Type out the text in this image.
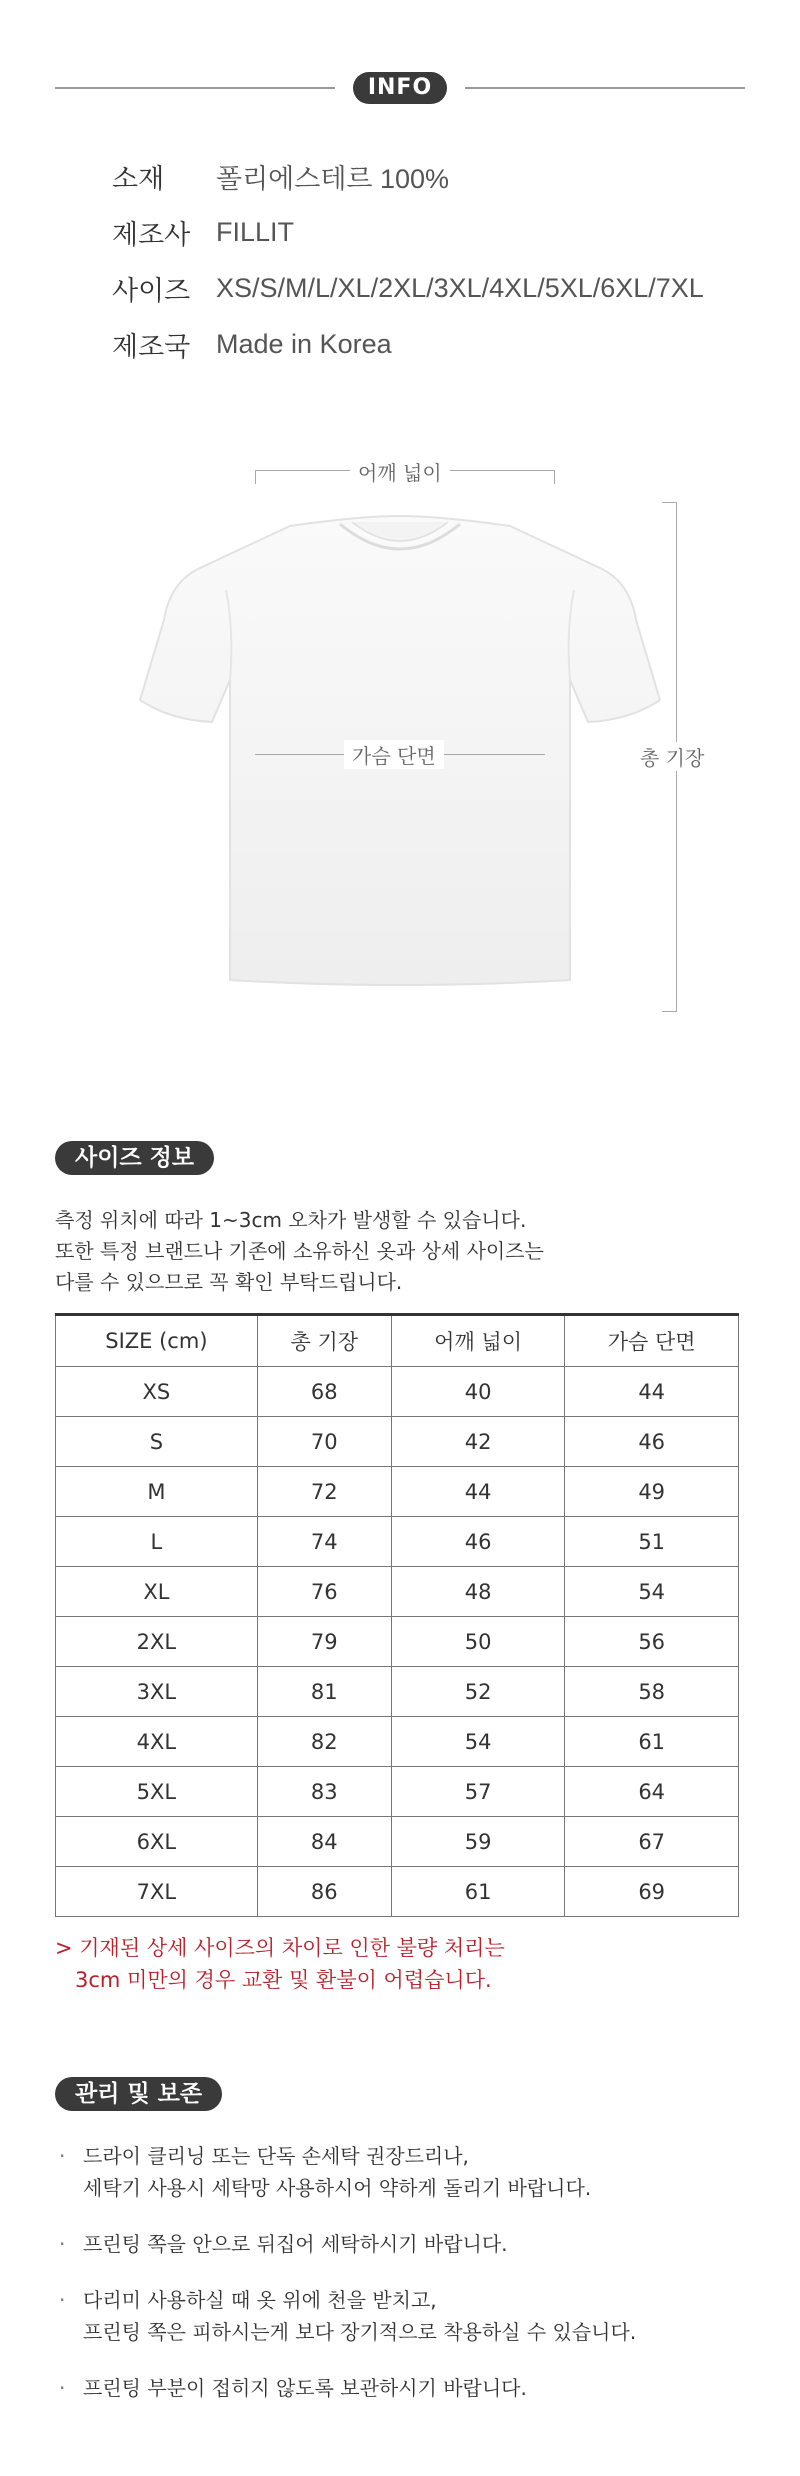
INFO
소재	폴리에스테르 100%
제조사 FILLIT
사이즈 XS/S/M/L/XL/2XL/3XL/4XL/5XL/6XL/7XL
제조국 Made in Korea
어깨 넓이
가슴 단면	총 기장
사이즈 정보
측정 위치에 따라 1~3cm 오차가 발생할 수 있습니다.
또한 특정 브랜드나 기존에 소유하신 옷과 상세 사이즈는
다를 수 있으므로 꼭 확인 부탁드립니다.
SIZE (cm)	총 기장	어깨 넓이	가슴 단면
XS	68	40	44
S	70	42	46
M	72	44	49
L	74	46	51
XL	76	48	54
2XL	79	50	56
3XL	81	52	58
4XL	82	54	61
5XL	83	57	64
6XL	84	59	67
7XL	86	61	69
> 기재된 상세 사이즈의 차이로 인한 불량 처리는
3cm 미만의 경우 교환 및 환불이 어렵습니다.
관리 및 보존
· 드라이 클리닝 또는 단독 손세탁 권장드리나,
세탁기 사용시 세탁망 사용하시어 약하게 돌리기 바랍니다.
· 프린팅 쪽을 안으로 뒤집어 세탁하시기 바랍니다.
· 다리미 사용하실 때 옷 위에 천을 받치고,
프린팅 쪽은 피하시는게 보다 장기적으로 착용하실 수 있습니다.
· 프린팅 부분이 접히지 않도록 보관하시기 바랍니다.
